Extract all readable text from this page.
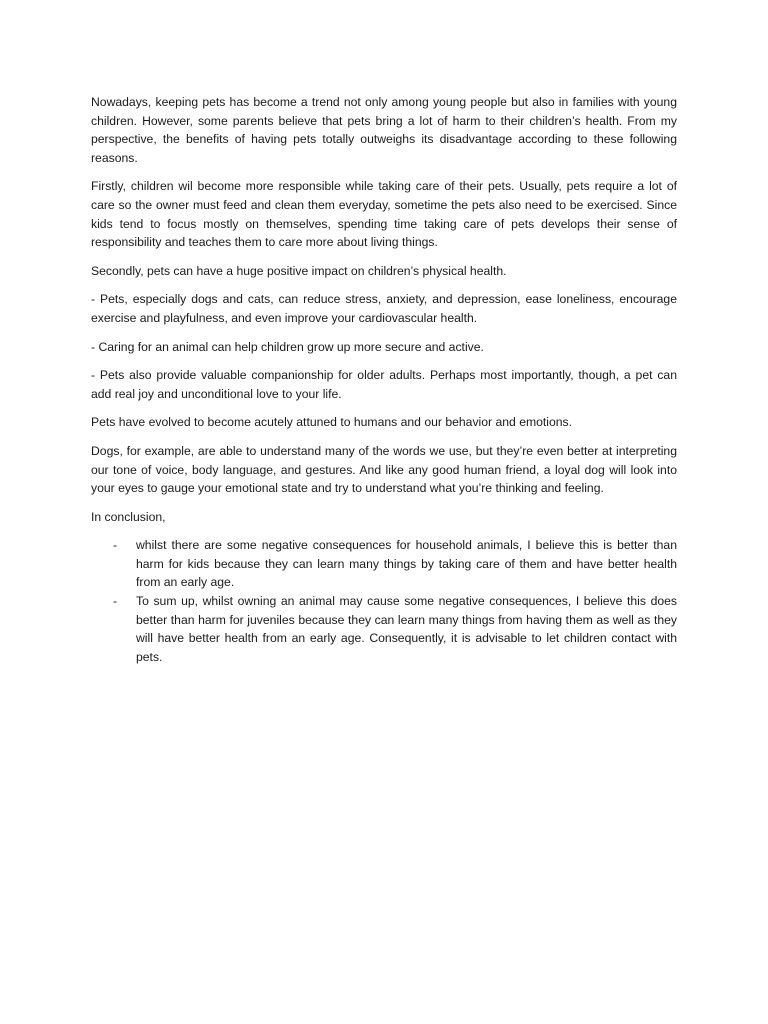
Nowadays, keeping pets has become a trend not only among young people but also in families with young children. However, some parents believe that pets bring a lot of harm to their children’s health. From my perspective, the benefits of having pets totally outweighs its disadvantage according to these following reasons.

Firstly, children wil become more responsible while taking care of their pets. Usually, pets require a lot of care so the owner must feed and clean them everyday, sometime the pets also need to be exercised. Since kids tend to focus mostly on themselves, spending time taking care of pets develops their sense of responsibility and teaches them to care more about living things.

Secondly, pets can have a huge positive impact on children’s physical health.

- Pets, especially dogs and cats, can reduce stress, anxiety, and depression, ease loneliness, encourage exercise and playfulness, and even improve your cardiovascular health.

- Caring for an animal can help children grow up more secure and active.

- Pets also provide valuable companionship for older adults. Perhaps most importantly, though, a pet can add real joy and unconditional love to your life.

Pets have evolved to become acutely attuned to humans and our behavior and emotions.

Dogs, for example, are able to understand many of the words we use, but they’re even better at interpreting our tone of voice, body language, and gestures. And like any good human friend, a loyal dog will look into your eyes to gauge your emotional state and try to understand what you’re thinking and feeling.

In conclusion,

- whilst there are some negative consequences for household animals, I believe this is better than harm for kids because they can learn many things by taking care of them and have better health from an early age.
- To sum up, whilst owning an animal may cause some negative consequences, I believe this does better than harm for juveniles because they can learn many things from having them as well as they will have better health from an early age. Consequently, it is advisable to let children contact with pets.
